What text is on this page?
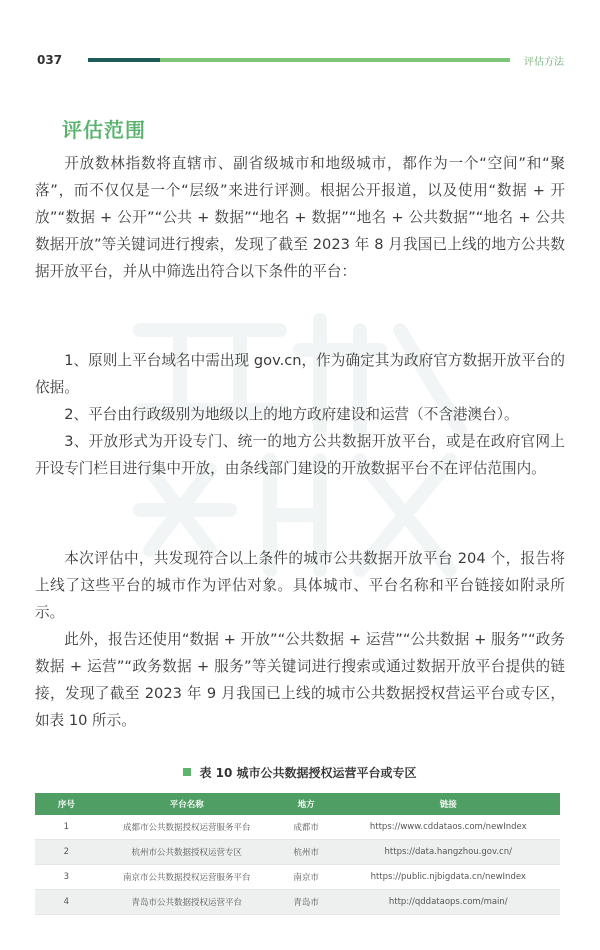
037	评估方法
评估范围

开放数林指数将直辖市、副省级城市和地级城市，都作为一个“空间”和“聚落”，而不仅仅是一个“层级”来进行评测。根据公开报道，以及使用“数据 + 开放”“数据 + 公开”“公共 + 数据”“地名 + 数据”“地名 + 公共数据”“地名 + 公共数据开放”等关键词进行搜索，发现了截至 2023 年 8 月我国已上线的地方公共数据开放平台，并从中筛选出符合以下条件的平台：

1、原则上平台域名中需出现 gov.cn，作为确定其为政府官方数据开放平台的依据。

2、平台由行政级别为地级以上的地方政府建设和运营（不含港澳台）。

3、开放形式为开设专门、统一的地方公共数据开放平台，或是在政府官网上开设专门栏目进行集中开放，由条线部门建设的开放数据平台不在评估范围内。

本次评估中，共发现符合以上条件的城市公共数据开放平台 204 个，报告将上线了这些平台的城市作为评估对象。具体城市、平台名称和平台链接如附录所示。

此外，报告还使用“数据 + 开放”“公共数据 + 运营”“公共数据 + 服务”“政务数据 + 运营”“政务数据 + 服务”等关键词进行搜索或通过数据开放平台提供的链接，发现了截至 2023 年 9 月我国已上线的城市公共数据授权营运平台或专区，如表 10 所示。

表 10 城市公共数据授权运营平台或专区
序号	平台名称	地方	链接
1	成都市公共数据授权运营服务平台	成都市	https://www.cddataos.com/newIndex
2	杭州市公共数据授权运营专区	杭州市	https://data.hangzhou.gov.cn/
3	南京市公共数据授权运营服务平台	南京市	https://public.njbigdata.cn/newIndex
4	青岛市公共数据授权运营平台	青岛市	http://qddataops.com/main/
